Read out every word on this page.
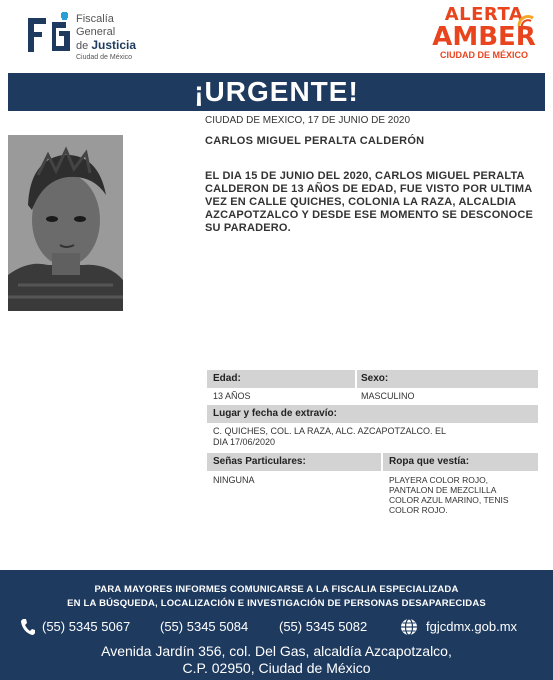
Fiscalía
General
de Justicia
Ciudad de México
ALERTA
AMBER
CIUDAD DE MÉXICO
¡URGENTE!
CIUDAD DE MEXICO, 17 DE JUNIO DE 2020
CARLOS MIGUEL PERALTA CALDERÓN
EL DIA 15 DE JUNIO DEL 2020, CARLOS MIGUEL PERALTA CALDERON DE 13 AÑOS DE EDAD, FUE VISTO POR ULTIMA VEZ EN CALLE QUICHES, COLONIA LA RAZA, ALCALDIA AZCAPOTZALCO Y DESDE ESE MOMENTO SE DESCONOCE SU PARADERO.
Edad:	Sexo:
13 AÑOS	MASCULINO
Lugar y fecha de extravío:
C. QUICHES, COL. LA RAZA, ALC. AZCAPOTZALCO. EL
DIA 17/06/2020
Señas Particulares:	Ropa que vestía:
NINGUNA	PLAYERA COLOR ROJO,
PANTALON DE MEZCLILLA
COLOR AZUL MARINO, TENIS
COLOR ROJO.
PARA MAYORES INFORMES COMUNICARSE A LA FISCALIA ESPECIALIZADA
EN LA BÚSQUEDA, LOCALIZACIÓN E INVESTIGACIÓN DE PERSONAS DESAPARECIDAS
(55) 5345 5067 (55) 5345 5084 (55) 5345 5082	fgjcdmx.gob.mx
Avenida Jardín 356, col. Del Gas, alcaldía Azcapotzalco,
C.P. 02950, Ciudad de México
